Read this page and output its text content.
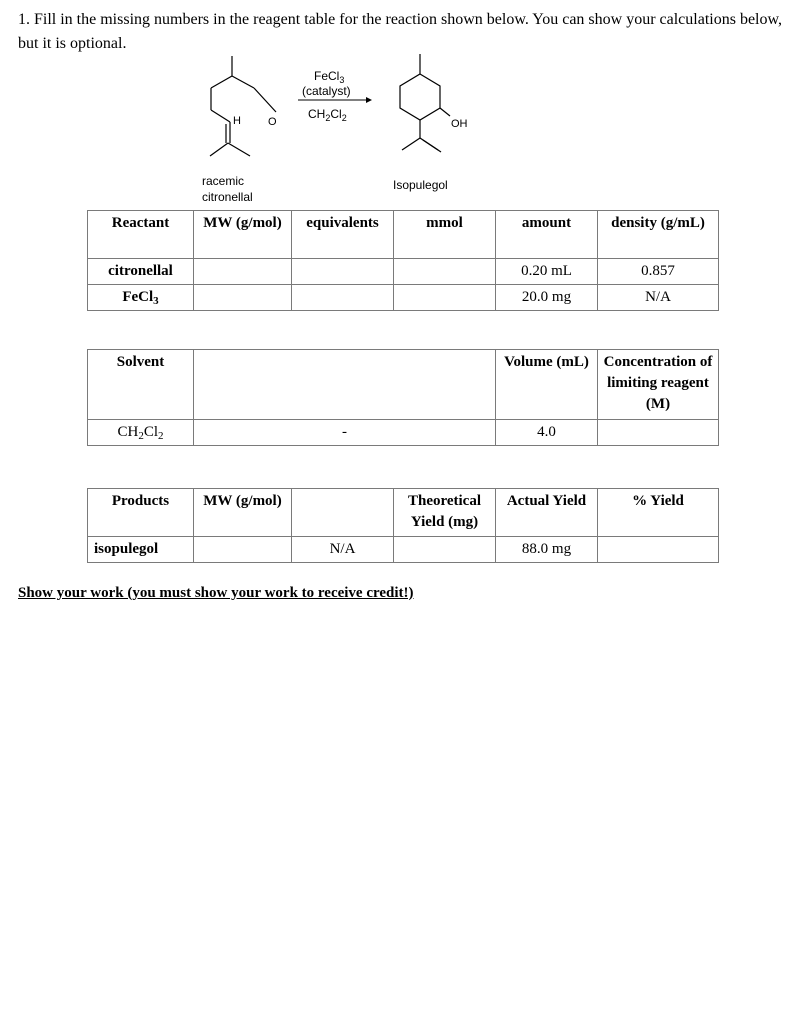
1. Fill in the missing numbers in the reagent table for the reaction shown below. You can show your calculations below, but it is optional.
H O
FeCl$_3$
(catalyst)
$CH_2Cl_2$	OH
racemic
citronellal
Isopulegol
Reactant	MW (g/mol)	equivalents	mmol	amount	density (g/mL)
citronellal				0.20 mL	0.857
FeCl$_3$				20.0 mg	N/A
Solvent		Volume (mL)	Concentration of limiting reagent (M)
$CH_2Cl_2$	-	4.0	
Products	MW (g/mol)		Theoretical Yield (mg)	Actual Yield	% Yield
isopulegol		N/A		88.0 mg	
Show your work (you must show your work to receive credit!)
